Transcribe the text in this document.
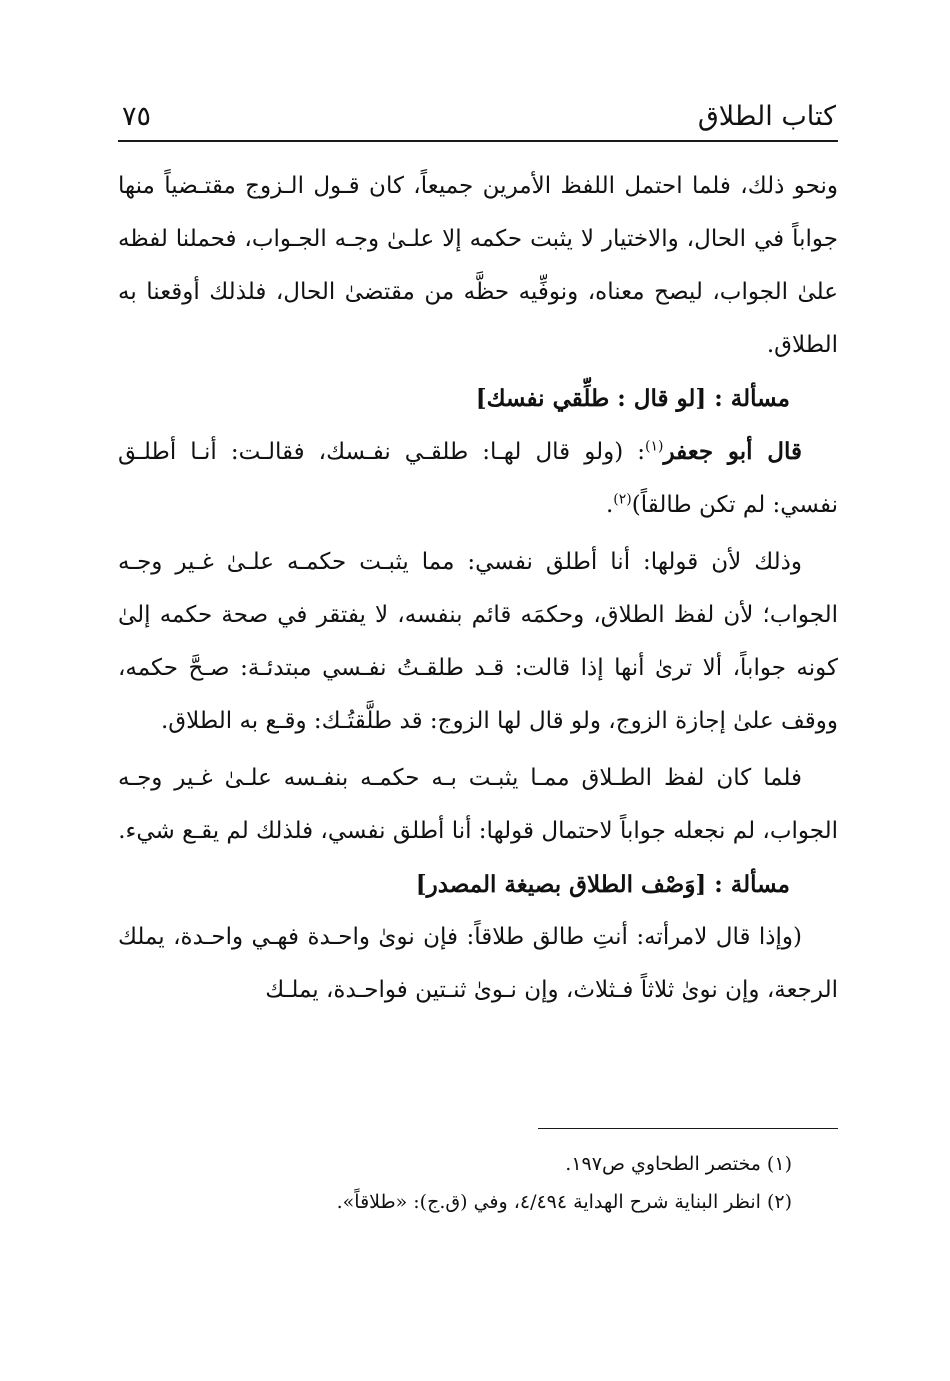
كتاب الطلاق
٧٥

ونحو ذلك، فلما احتمل اللفظ الأمرين جميعاً، كان قـول الـزوج مقتـضياً منها جواباً في الحال، والاختيار لا يثبت حكمه إلا علـىٰ وجـه الجـواب، فحملنا لفظه علىٰ الجواب، ليصح معناه، ونوفِّيه حظَّه من مقتضىٰ الحال، فلذلك أوقعنا به الطلاق.

مسألة : [لو قال : طلِّقي نفسك]

قال أبو جعفر$^{(١)}$: (ولو قال لهـا: طلقـي نفـسك، فقالـت: أنـا أطلـق نفسي: لم تكن طالقاً)$^{(٢)}$.

وذلك لأن قولها: أنا أطلق نفسي: مما يثبـت حكمـه علـىٰ غـير وجـه الجواب؛ لأن لفظ الطلاق، وحكمَه قائم بنفسه، لا يفتقر في صحة حكمه إلىٰ كونه جواباً، ألا ترىٰ أنها إذا قالت: قـد طلقـتُ نفـسي مبتدئـة: صـحَّ حكمه، ووقف علىٰ إجازة الزوج، ولو قال لها الزوج: قد طلَّقتُـك: وقـع به الطلاق.

فلما كان لفظ الطـلاق ممـا يثبـت بـه حكمـه بنفـسه علـىٰ غـير وجـه الجواب، لم نجعله جواباً لاحتمال قولها: أنا أطلق نفسي، فلذلك لم يقـع شيء.

مسألة : [وَصْف الطلاق بصيغة المصدر]

(وإذا قال لامرأته: أنتِ طالق طلاقاً: فإن نوىٰ واحـدة فهـي واحـدة، يملك الرجعة، وإن نوىٰ ثلاثاً فـثلاث، وإن نـوىٰ ثنـتين فواحـدة، يملـك

(١) مختصر الطحاوي ص١٩٧.

(٢) انظر البناية شرح الهداية ٤/٤٩٤، وفي (ق.ج): «طلاقاً».
